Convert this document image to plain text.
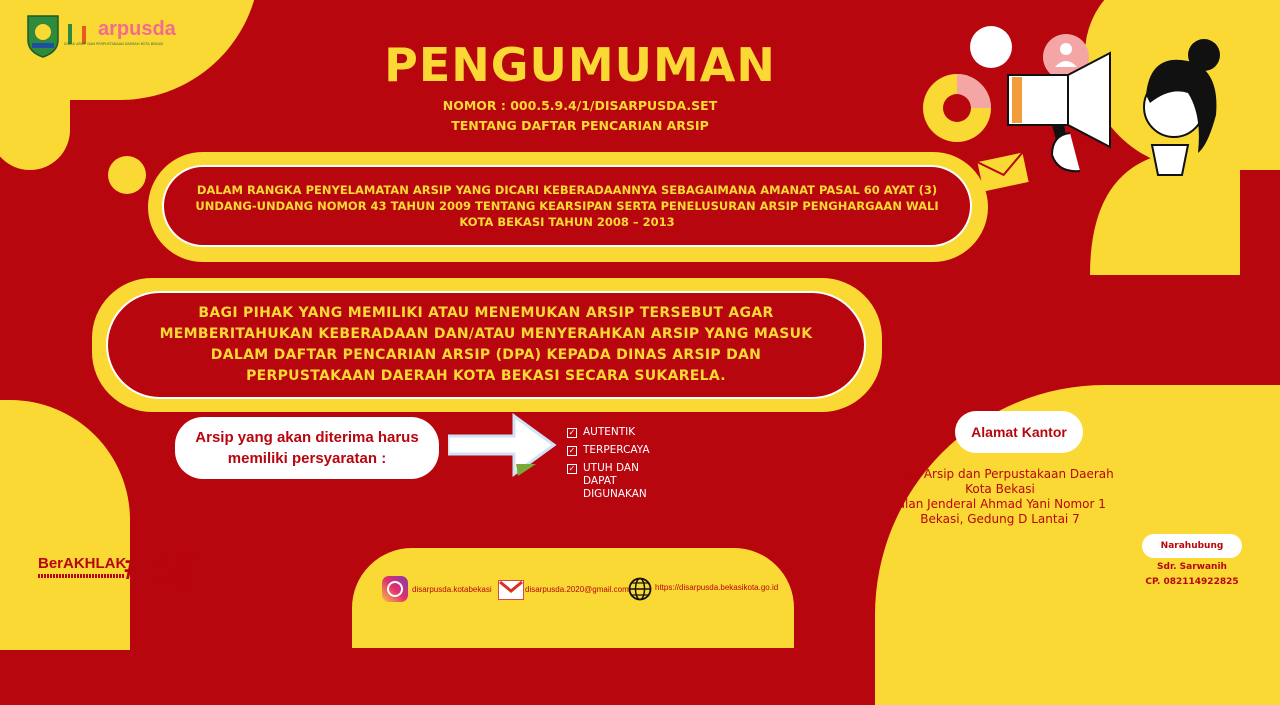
arpusda
DINAS ARSIP DAN PERPUSTAKAAN DAERAH KOTA BEKASI	PENGUMUMAN
NOMOR : 000.5.9.4/1/DISARPUSDA.SET
TENTANG DAFTAR PENCARIAN ARSIP
DALAM RANGKA PENYELAMATAN ARSIP YANG DICARI KEBERADAANNYA SEBAGAIMANA AMANAT PASAL 60 AYAT (3) UNDANG-UNDANG NOMOR 43 TAHUN 2009 TENTANG KEARSIPAN SERTA PENELUSURAN ARSIP PENGHARGAAN WALI KOTA BEKASI TAHUN 2008 – 2013
BAGI PIHAK YANG MEMILIKI ATAU MENEMUKAN ARSIP TERSEBUT AGAR MEMBERITAHUKAN KEBERADAAN DAN/ATAU MENYERAHKAN ARSIP YANG MASUK DALAM DAFTAR PENCARIAN ARSIP (DPA) KEPADA DINAS ARSIP DAN PERPUSTAKAAN DAERAH KOTA BEKASI SECARA SUKARELA.
Arsip yang akan diterima harus
memiliki persyaratan :
✓ AUTENTIK
✓ TERPERCAYA
✓ UTUH DAN
DAPAT
DIGUNAKAN
Alamat Kantor
Dinas Arsip dan Perpustakaan Daerah
Kota Bekasi
Jalan Jenderal Ahmad Yani Nomor 1
Bekasi, Gedung D Lantai 7
Narahubung
Sdr. Sarwanih
CP. 082114922825
BerAKHLAK
# bangga
melayani
bangsa	disarpusda.kotabekasi	disarpusda.2020@gmail.com	https://disarpusda.bekasikota.go.id
